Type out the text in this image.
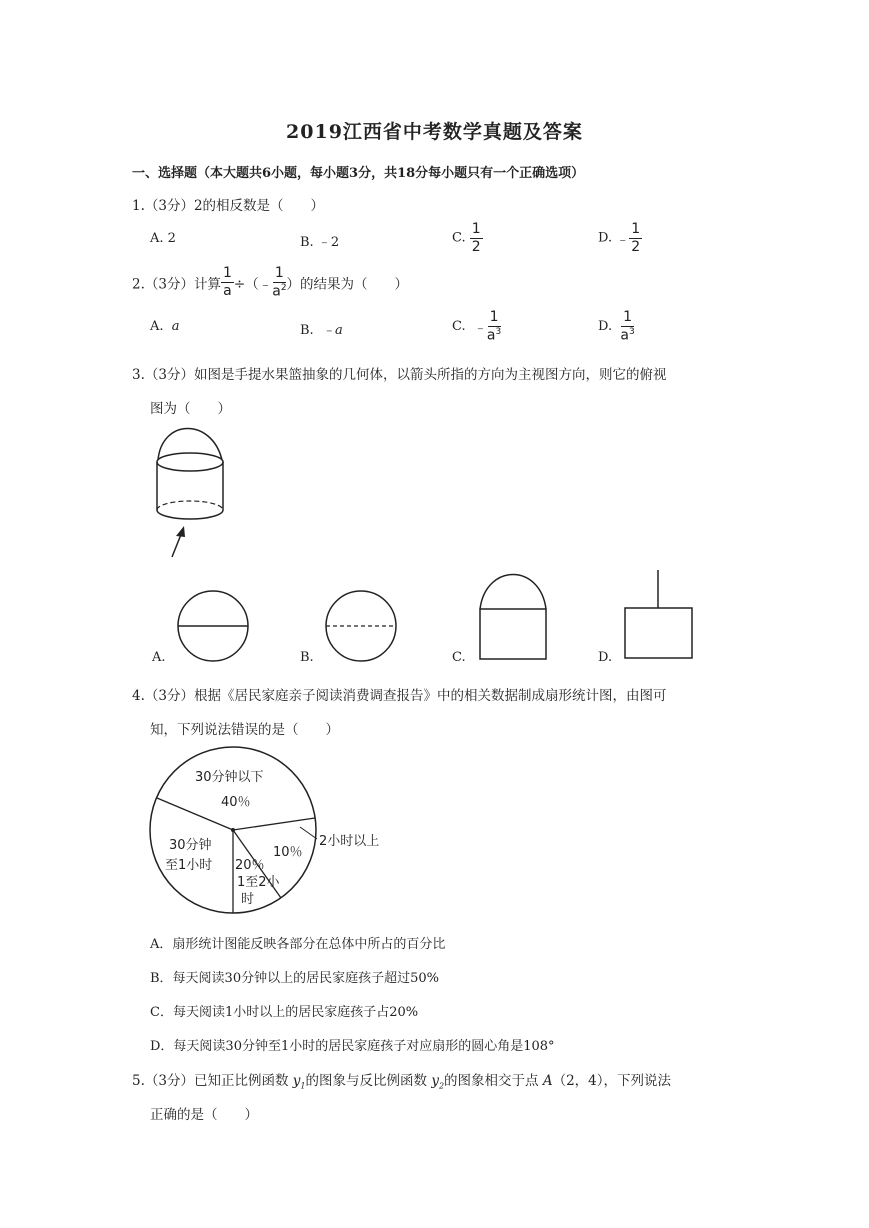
2019江西省中考数学真题及答案
一、选择题（本大题共6小题，每小题3分，共18分每小题只有一个正确选项）
1.（3分）2的相反数是（　　）
A. 2	B. ﹣2	C. $\frac{1}{2}$	D. ﹣ $\frac{1}{2}$
2.（3分）计算 $\frac{1}{a}$ ÷（﹣ $\frac{1}{a^2}$ ）的结果为（　　）
A. a	B. ﹣a	C. ﹣ $\frac{1}{a^3}$	D. $\frac{1}{a^3}$
3.（3分）如图是手提水果篮抽象的几何体，以箭头所指的方向为主视图方向，则它的俯视
图为（　　）
A.	B.	C.	D.
4.（3分）根据《居民家庭亲子阅读消费调查报告》中的相关数据制成扇形统计图，由图可
知，下列说法错误的是（　　）
30分钟以下
40％
30分钟
至1小时 20％
1至2小
时
10％
2小时以上
A．扇形统计图能反映各部分在总体中所占的百分比
B．每天阅读30分钟以上的居民家庭孩子超过50%
C．每天阅读1小时以上的居民家庭孩子占20%
D．每天阅读30分钟至1小时的居民家庭孩子对应扇形的圆心角是108°
5.（3分）已知正比例函数 $y_1$的图象与反比例函数 $y_2$的图象相交于点 A（2，4），下列说法
正确的是（　　）
